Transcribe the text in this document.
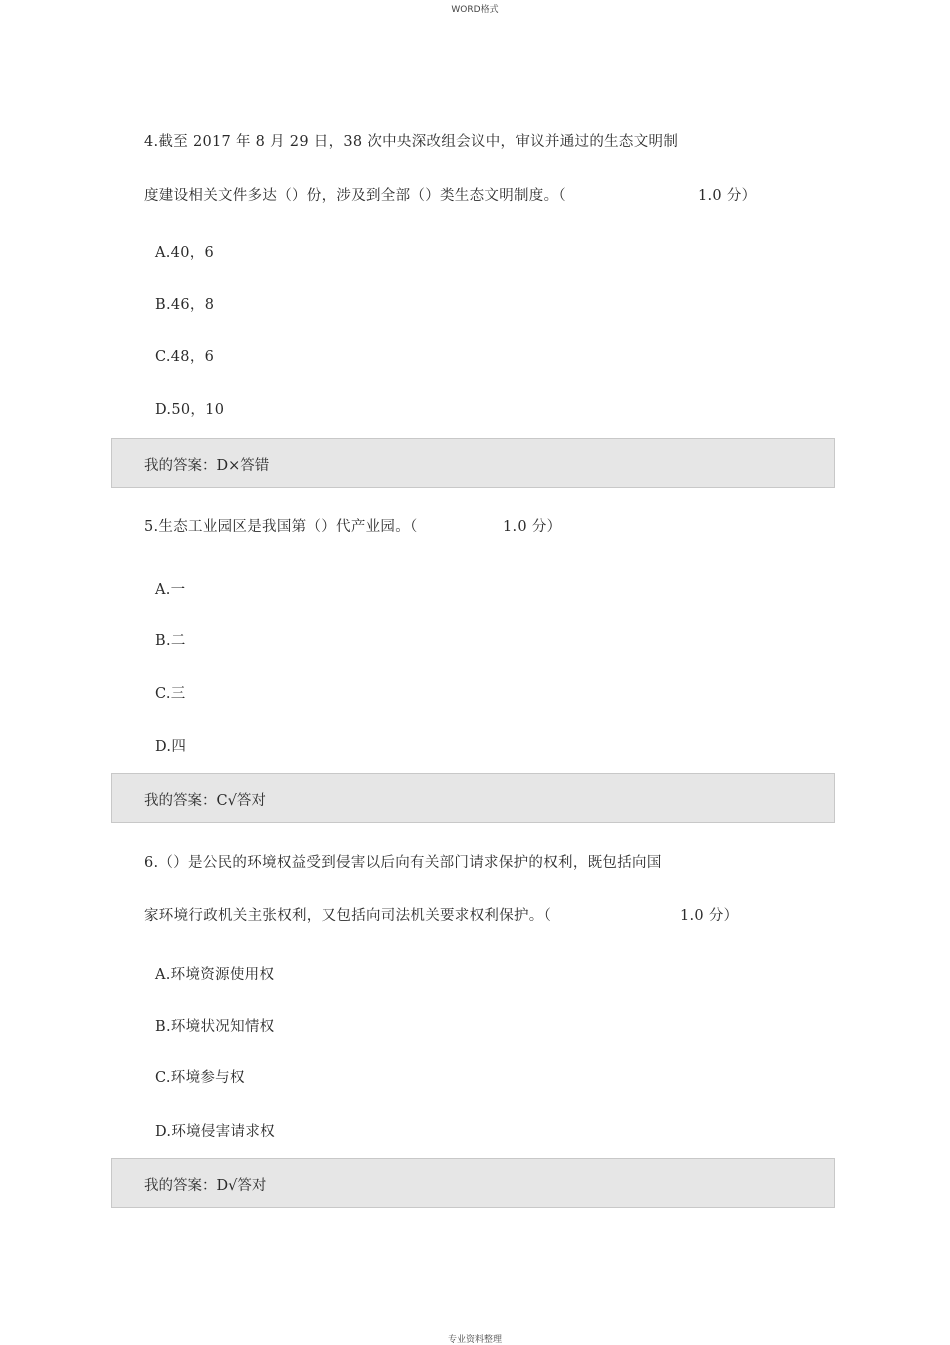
WORD格式
4.截至 2017 年 8 月 29 日，38 次中央深改组会议中，审议并通过的生态文明制
度建设相关文件多达（）份，涉及到全部（）类生态文明制度。（	1.0 分）
A.40，6
B.46，8
C.48，6
D.50，10
我的答案：D×答错
5.生态工业园区是我国第（）代产业园。（	1.0 分）
A.一
B.二
C.三
D.四
我的答案：C√答对
6.（）是公民的环境权益受到侵害以后向有关部门请求保护的权利，既包括向国
家环境行政机关主张权利，又包括向司法机关要求权利保护。（	1.0 分）
A.环境资源使用权
B.环境状况知情权
C.环境参与权
D.环境侵害请求权
我的答案：D√答对
专业资料整理
